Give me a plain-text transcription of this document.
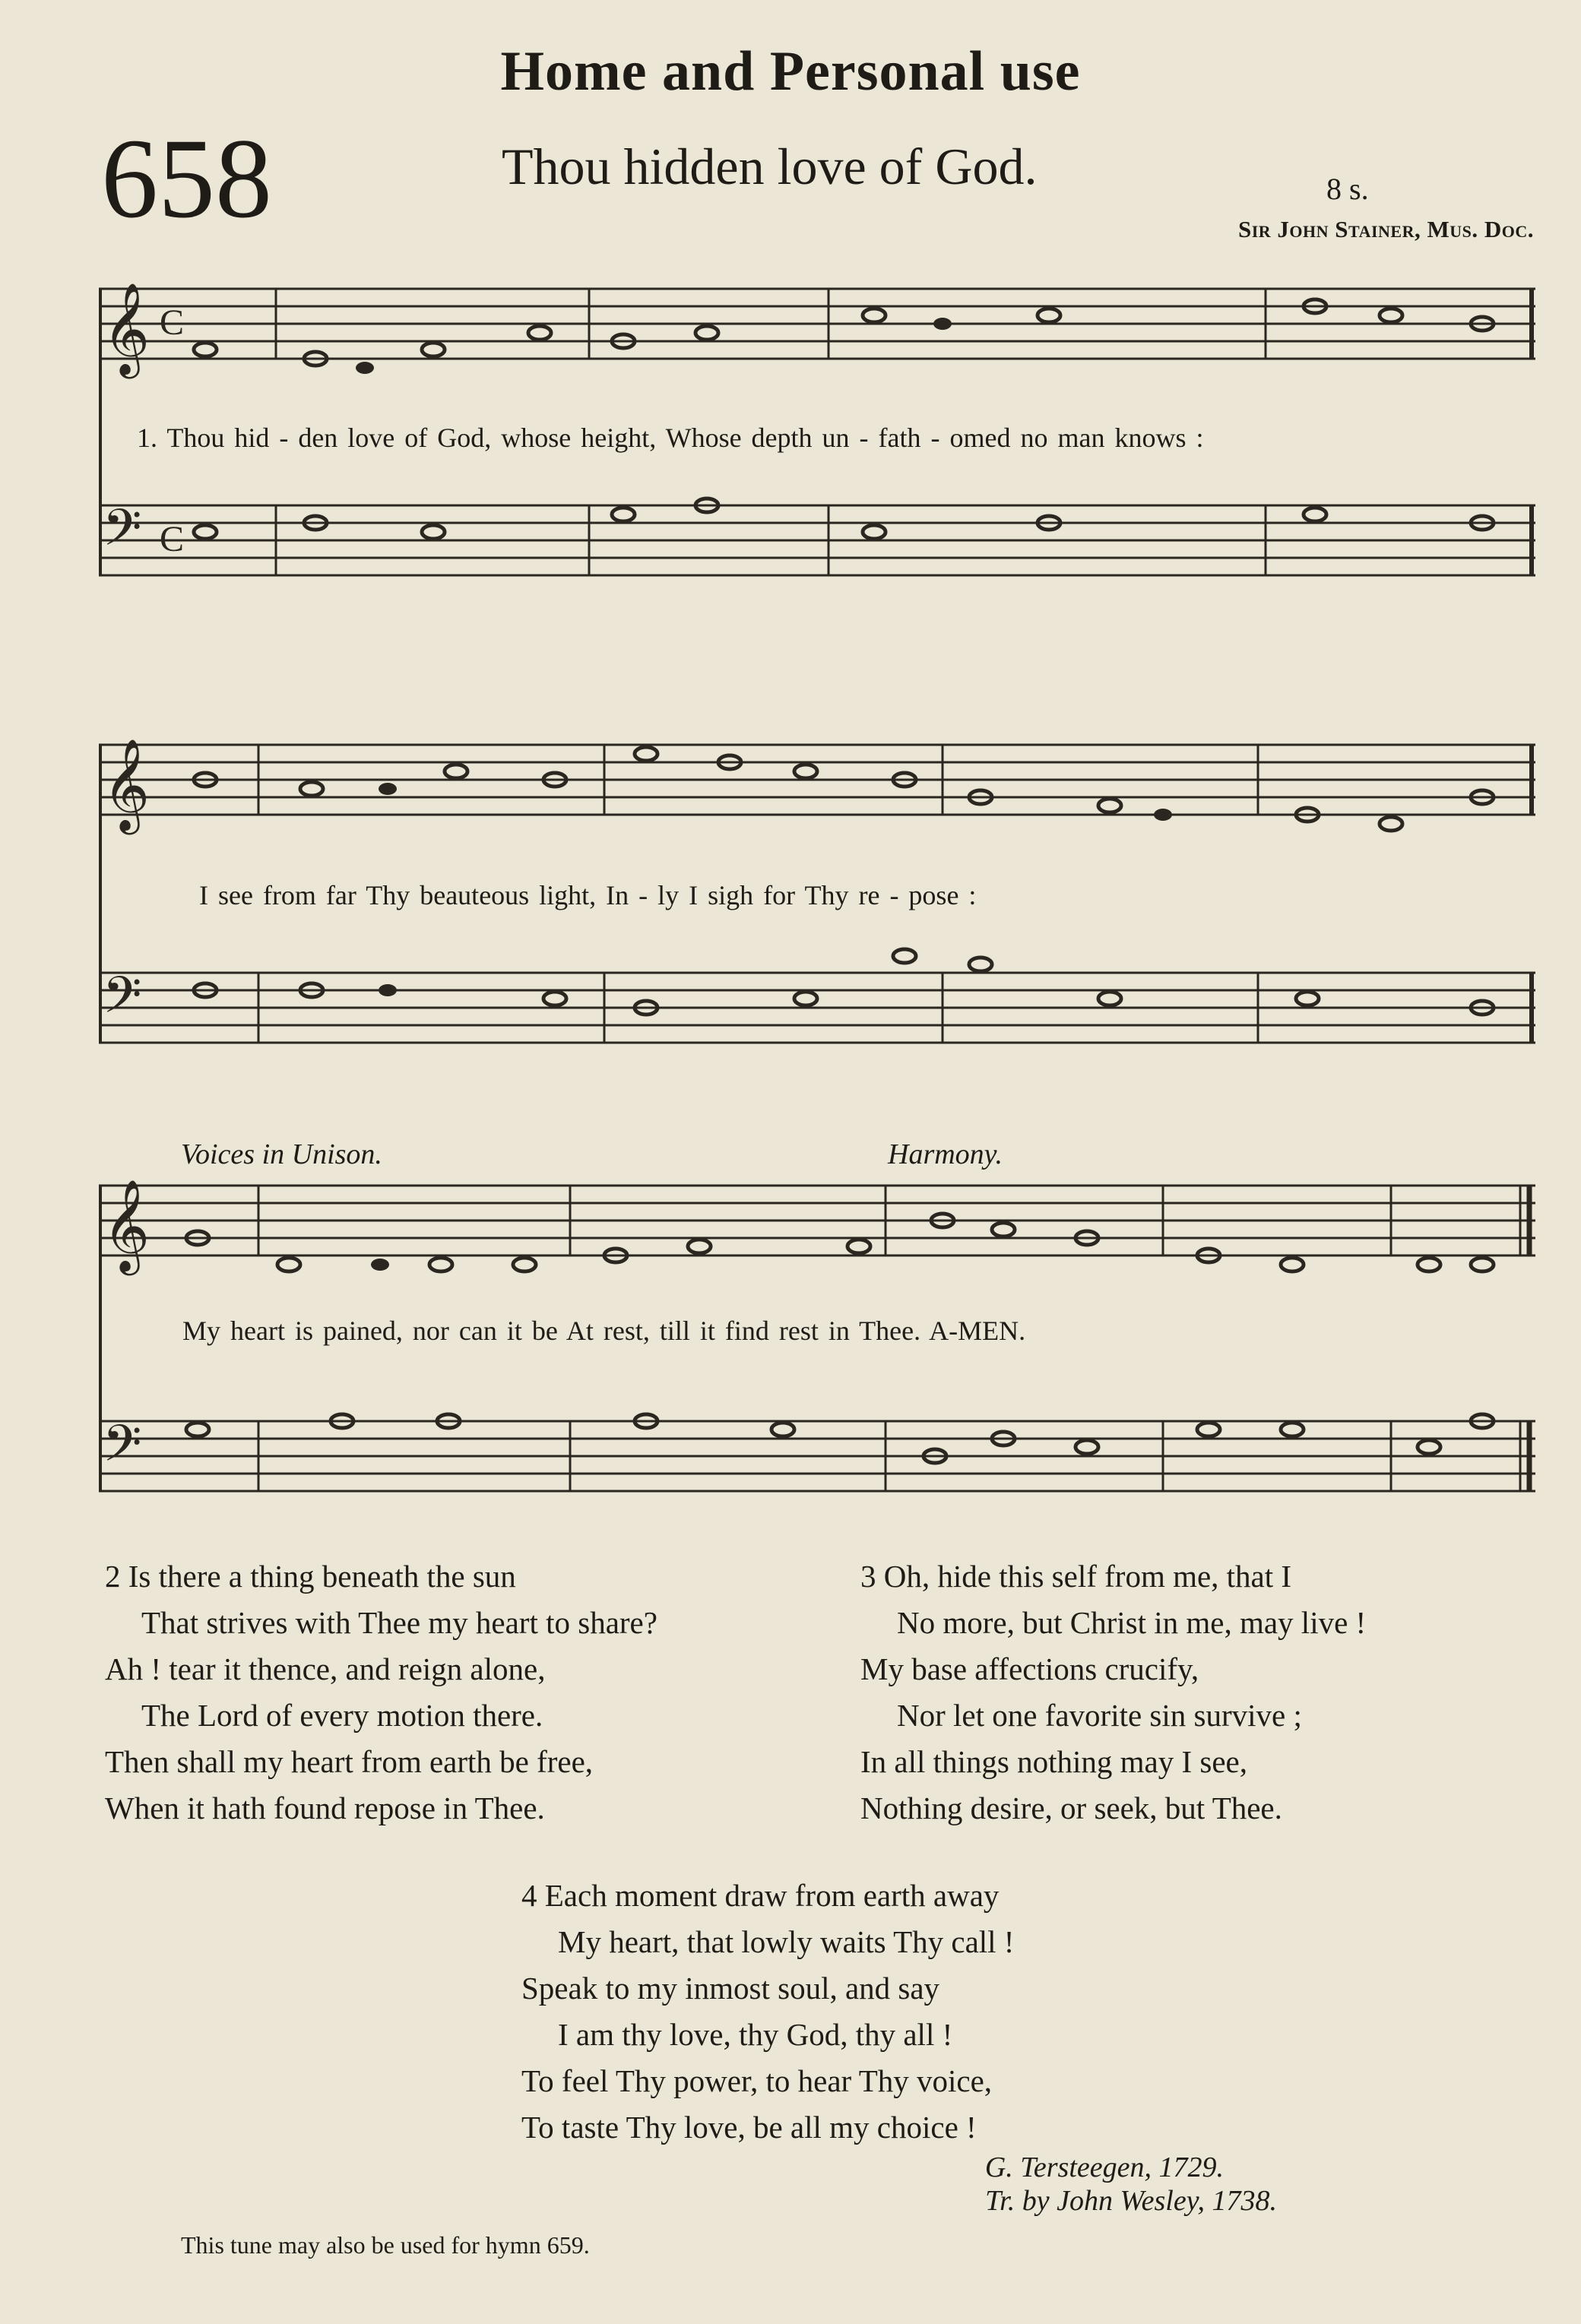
Home and Personal use
658	Thou hidden love of God.	8 s.
Sir John Stainer, Mus. Doc.
𝄞 C
𝄢 C
1. Thou hid - den love of God, whose height, Whose depth un - fath - omed no man knows :
𝄞
𝄢
I see from far Thy beauteous light, In - ly I sigh for Thy re - pose :
Voices in Unison.	Harmony.
𝄞
𝄢
My heart is pained, nor can it be At rest, till it find rest in Thee. A-MEN.
2 Is there a thing beneath the sun
That strives with Thee my heart to share?
Ah ! tear it thence, and reign alone,
The Lord of every motion there.
Then shall my heart from earth be free,
When it hath found repose in Thee.
3 Oh, hide this self from me, that I
No more, but Christ in me, may live !
My base affections crucify,
Nor let one favorite sin survive ;
In all things nothing may I see,
Nothing desire, or seek, but Thee.
4 Each moment draw from earth away
My heart, that lowly waits Thy call !
Speak to my inmost soul, and say
I am thy love, thy God, thy all !
To feel Thy power, to hear Thy voice,
To taste Thy love, be all my choice !
G. Tersteegen, 1729.
Tr. by John Wesley, 1738.
This tune may also be used for hymn 659.
